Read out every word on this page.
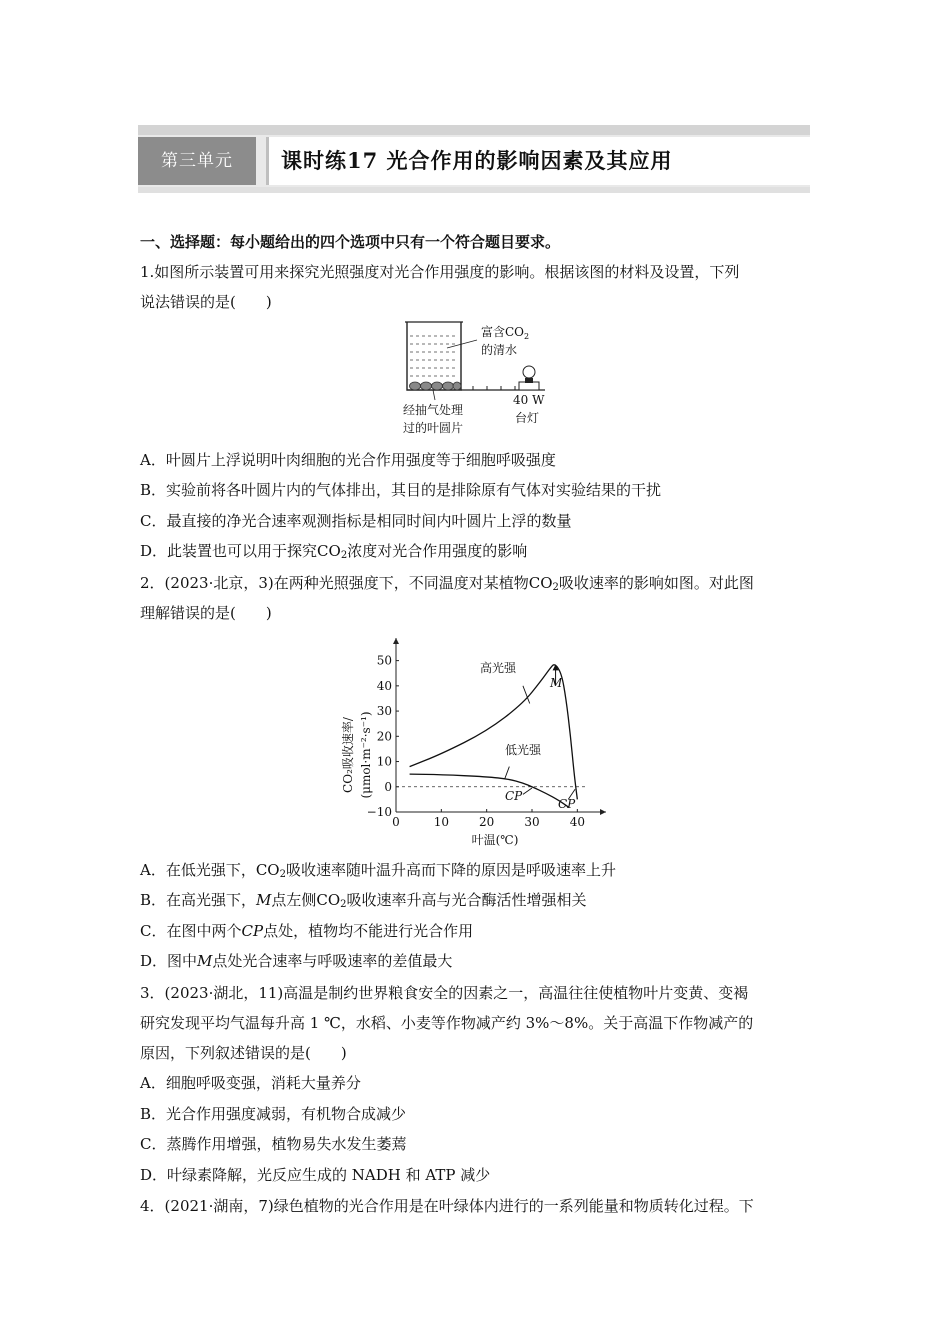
第三单元	课时练17 光合作用的影响因素及其应用
一、选择题：每小题给出的四个选项中只有一个符合题目要求。
1.如图所示装置可用来探究光照强度对光合作用强度的影响。根据该图的材料及设置，下列
说法错误的是(　　)
富含$CO_2$
的清水
经抽气处理
过的叶圆片
40 W
台灯
A．叶圆片上浮说明叶肉细胞的光合作用强度等于细胞呼吸强度
B．实验前将各叶圆片内的气体排出，其目的是排除原有气体对实验结果的干扰
C．最直接的净光合速率观测指标是相同时间内叶圆片上浮的数量
D．此装置也可以用于探究$CO_2$浓度对光合作用强度的影响
2．(2023·北京，3)在两种光照强度下，不同温度对某植物$CO_2$吸收速率的影响如图。对此图
理解错误的是(　　)
0	10	20	30	40
−10
0
10
20
30
40
50
CO₂吸收速率/ (μmol·m⁻²·s⁻¹)
叶温(℃)
高光强
低光强
M
CP
CP
A．在低光强下，$CO_2$吸收速率随叶温升高而下降的原因是呼吸速率上升
B．在高光强下，M点左侧$CO_2$吸收速率升高与光合酶活性增强相关
C．在图中两个CP点处，植物均不能进行光合作用
D．图中M点处光合速率与呼吸速率的差值最大
3．(2023·湖北，11)高温是制约世界粮食安全的因素之一，高温往往使植物叶片变黄、变褐
研究发现平均气温每升高 1 ℃，水稻、小麦等作物减产约 3%～8%。关于高温下作物减产的
原因，下列叙述错误的是(　　)
A．细胞呼吸变强，消耗大量养分
B．光合作用强度减弱，有机物合成减少
C．蒸腾作用增强，植物易失水发生萎蔫
D．叶绿素降解，光反应生成的 NADH 和 ATP 减少
4．(2021·湖南，7)绿色植物的光合作用是在叶绿体内进行的一系列能量和物质转化过程。下
